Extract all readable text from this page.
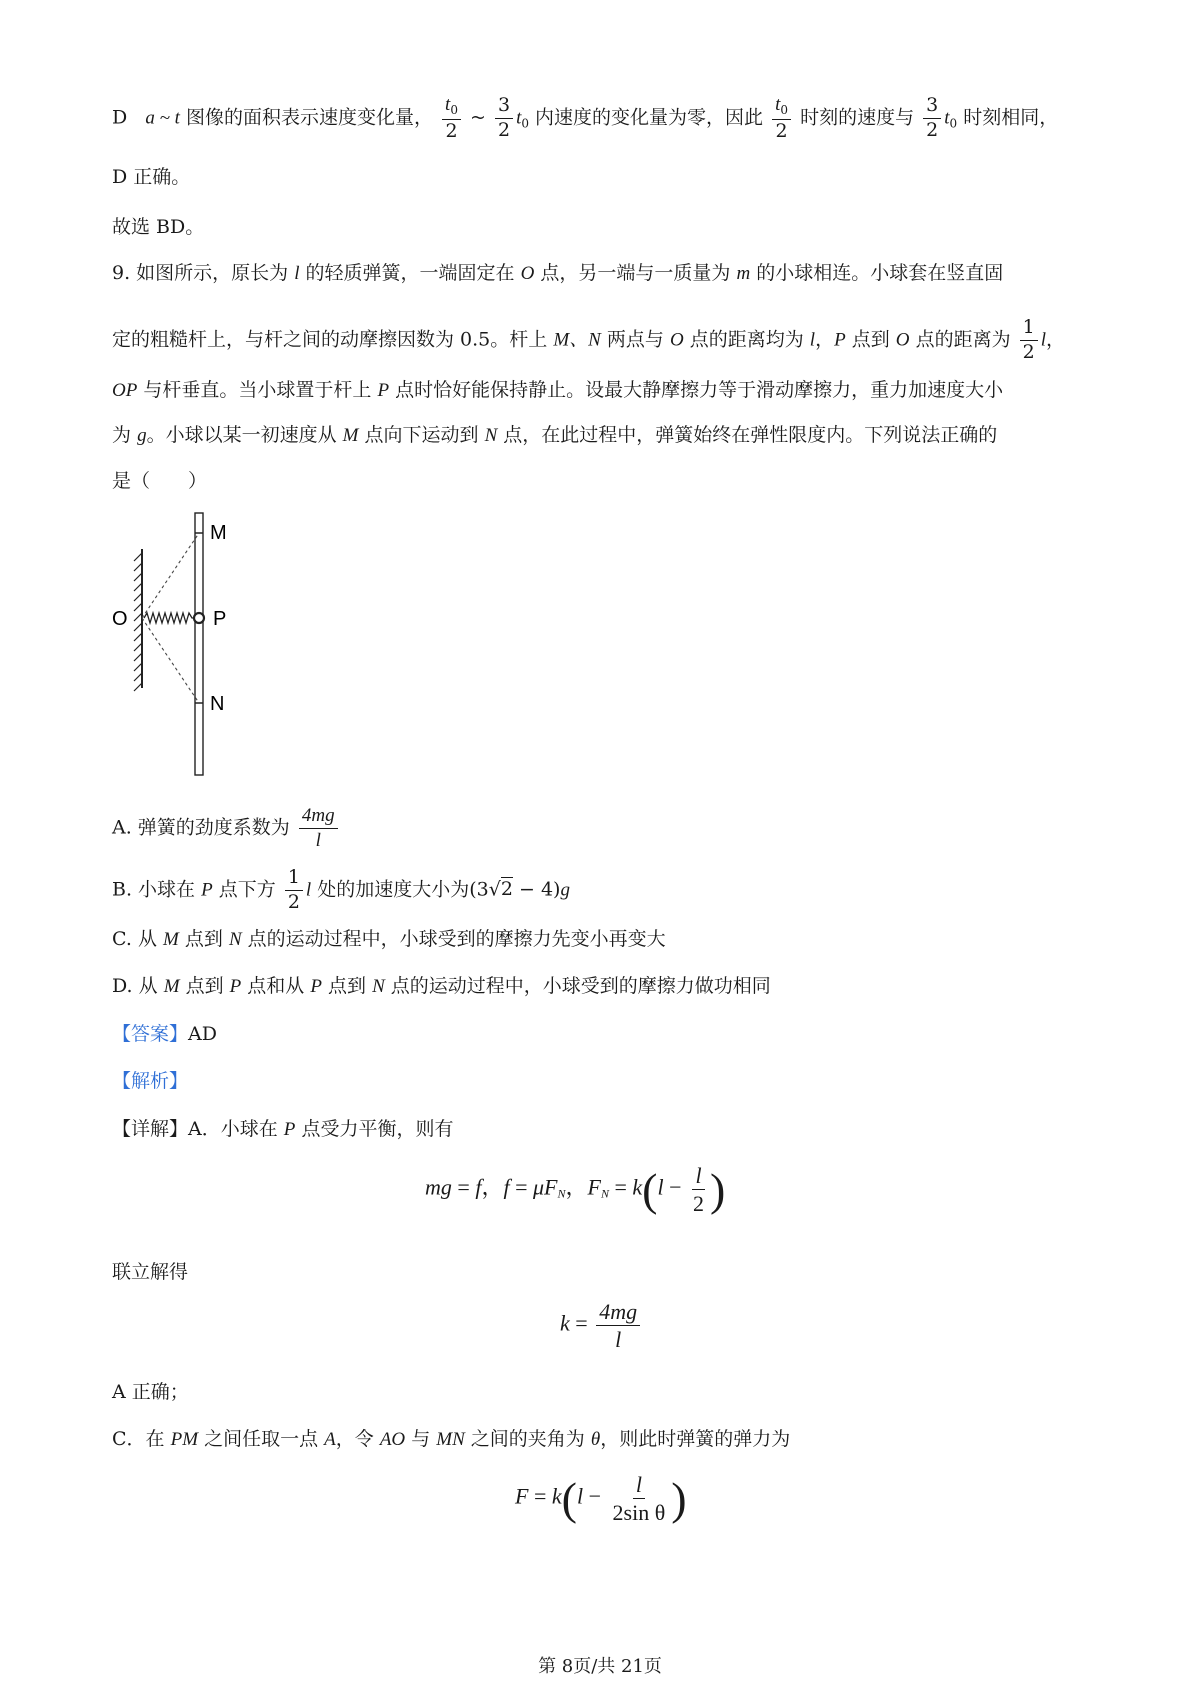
D a ~ t 图像的面积表示速度变化量， $\frac{t_0}{2}$ ~ $\frac{3}{2} t_0$ 内速度的变化量为零，因此 $\frac{t_0}{2}$ 时刻的速度与 $\frac{3}{2} t_0$ 时刻相同，
D 正确。
故选 BD。
9. 如图所示，原长为 l 的轻质弹簧，一端固定在 O 点，另一端与一质量为 m 的小球相连。小球套在竖直固
定的粗糙杆上，与杆之间的动摩擦因数为 0.5。杆上 M、N 两点与 O 点的距离均为 l，P 点到 O 点的距离为 $\frac{1}{2}$ l，
OP 与杆垂直。当小球置于杆上 P 点时恰好能保持静止。设最大静摩擦力等于滑动摩擦力，重力加速度大小
为 g。小球以某一初速度从 M 点向下运动到 N 点，在此过程中，弹簧始终在弹性限度内。下列说法正确的
是（　　）
M
O	P
N
A. 弹簧的劲度系数为 $\frac{4mg}{l}$
B. 小球在 P 点下方 $\frac{1}{2}$ l 处的加速度大小为(3√2 − 4)g
C. 从 M 点到 N 点的运动过程中，小球受到的摩擦力先变小再变大
D. 从 M 点到 P 点和从 P 点到 N 点的运动过程中，小球受到的摩擦力做功相同
【答案】AD
【解析】
【详解】A．小球在 P 点受力平衡，则有
mg = f，$f = \mu F_N$，$F_N = k(l - \frac{l}{2}$ )
联立解得
$k = \frac{4mg}{l}$
A 正确；
C．在 PM 之间任取一点 A，令 AO 与 MN 之间的夹角为 θ，则此时弹簧的弹力为
$F = k(l - \frac{l}{\text{2sin θ}}$ )
第 8页/共 21页
